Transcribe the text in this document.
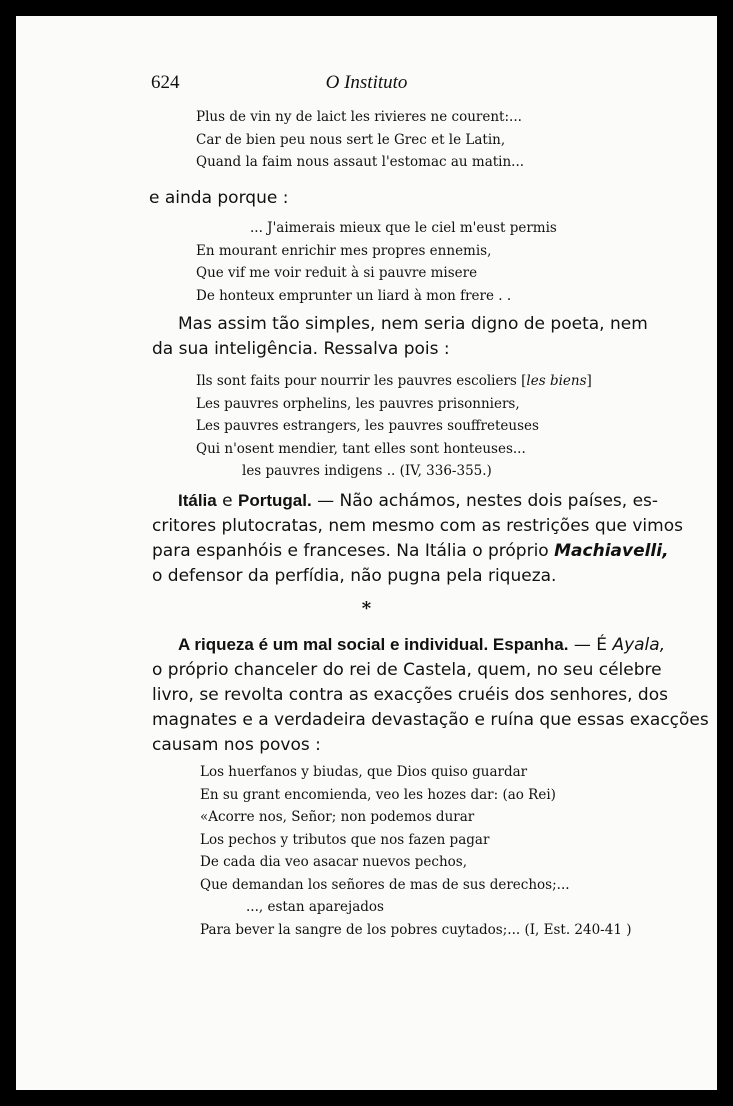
624	O Instituto
Plus de vin ny de laict les rivieres ne courent:...
Car de bien peu nous sert le Grec et le Latin,
Quand la faim nous assaut l'estomac au matin...
e ainda porque :
... J'aimerais mieux que le ciel m'eust permis
En mourant enrichir mes propres ennemis,
Que vif me voir reduit à si pauvre misere
De honteux emprunter un liard à mon frere . .
Mas assim tão simples, nem seria digno de poeta, nem
da sua inteligência. Ressalva pois :
Ils sont faits pour nourrir les pauvres escoliers [les biens]
Les pauvres orphelins, les pauvres prisonniers,
Les pauvres estrangers, les pauvres souffreteuses
Qui n'osent mendier, tant elles sont honteuses...
les pauvres indigens .. (IV, 336-355.)
Itália e Portugal. — Não achámos, nestes dois países, es-
critores plutocratas, nem mesmo com as restrições que vimos
para espanhóis e franceses. Na Itália o próprio Machiavelli,
o defensor da perfídia, não pugna pela riqueza.
*
A riqueza é um mal social e individual. Espanha. — É Ayala,
o próprio chanceler do rei de Castela, quem, no seu célebre
livro, se revolta contra as exacções cruéis dos senhores, dos
magnates e a verdadeira devastação e ruína que essas exacções
causam nos povos :
Los huerfanos y biudas, que Dios quiso guardar
En su grant encomienda, veo les hozes dar: (ao Rei)
«Acorre nos, Señor; non podemos durar
Los pechos y tributos que nos fazen pagar
De cada dia veo asacar nuevos pechos,
Que demandan los señores de mas de sus derechos;...
..., estan aparejados
Para bever la sangre de los pobres cuytados;... (I, Est. 240-41 )
